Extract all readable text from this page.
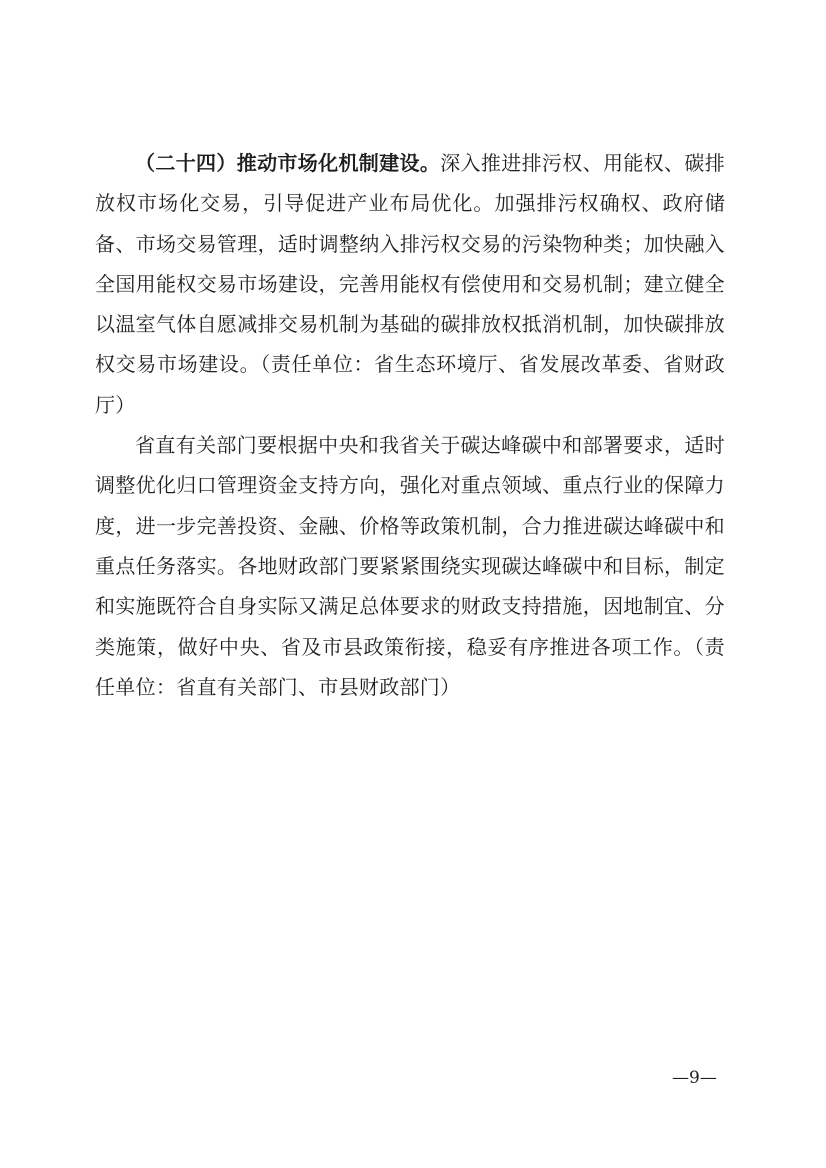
（二十四）推动市场化机制建设。深入推进排污权、用能权、碳排放权市场化交易，引导促进产业布局优化。加强排污权确权、政府储备、市场交易管理，适时调整纳入排污权交易的污染物种类；加快融入全国用能权交易市场建设，完善用能权有偿使用和交易机制；建立健全以温室气体自愿减排交易机制为基础的碳排放权抵消机制，加快碳排放权交易市场建设。（责任单位：省生态环境厅、省发展改革委、省财政厅）

省直有关部门要根据中央和我省关于碳达峰碳中和部署要求，适时调整优化归口管理资金支持方向，强化对重点领域、重点行业的保障力度，进一步完善投资、金融、价格等政策机制，合力推进碳达峰碳中和重点任务落实。各地财政部门要紧紧围绕实现碳达峰碳中和目标，制定和实施既符合自身实际又满足总体要求的财政支持措施，因地制宜、分类施策，做好中央、省及市县政策衔接，稳妥有序推进各项工作。（责任单位：省直有关部门、市县财政部门）

—9—
